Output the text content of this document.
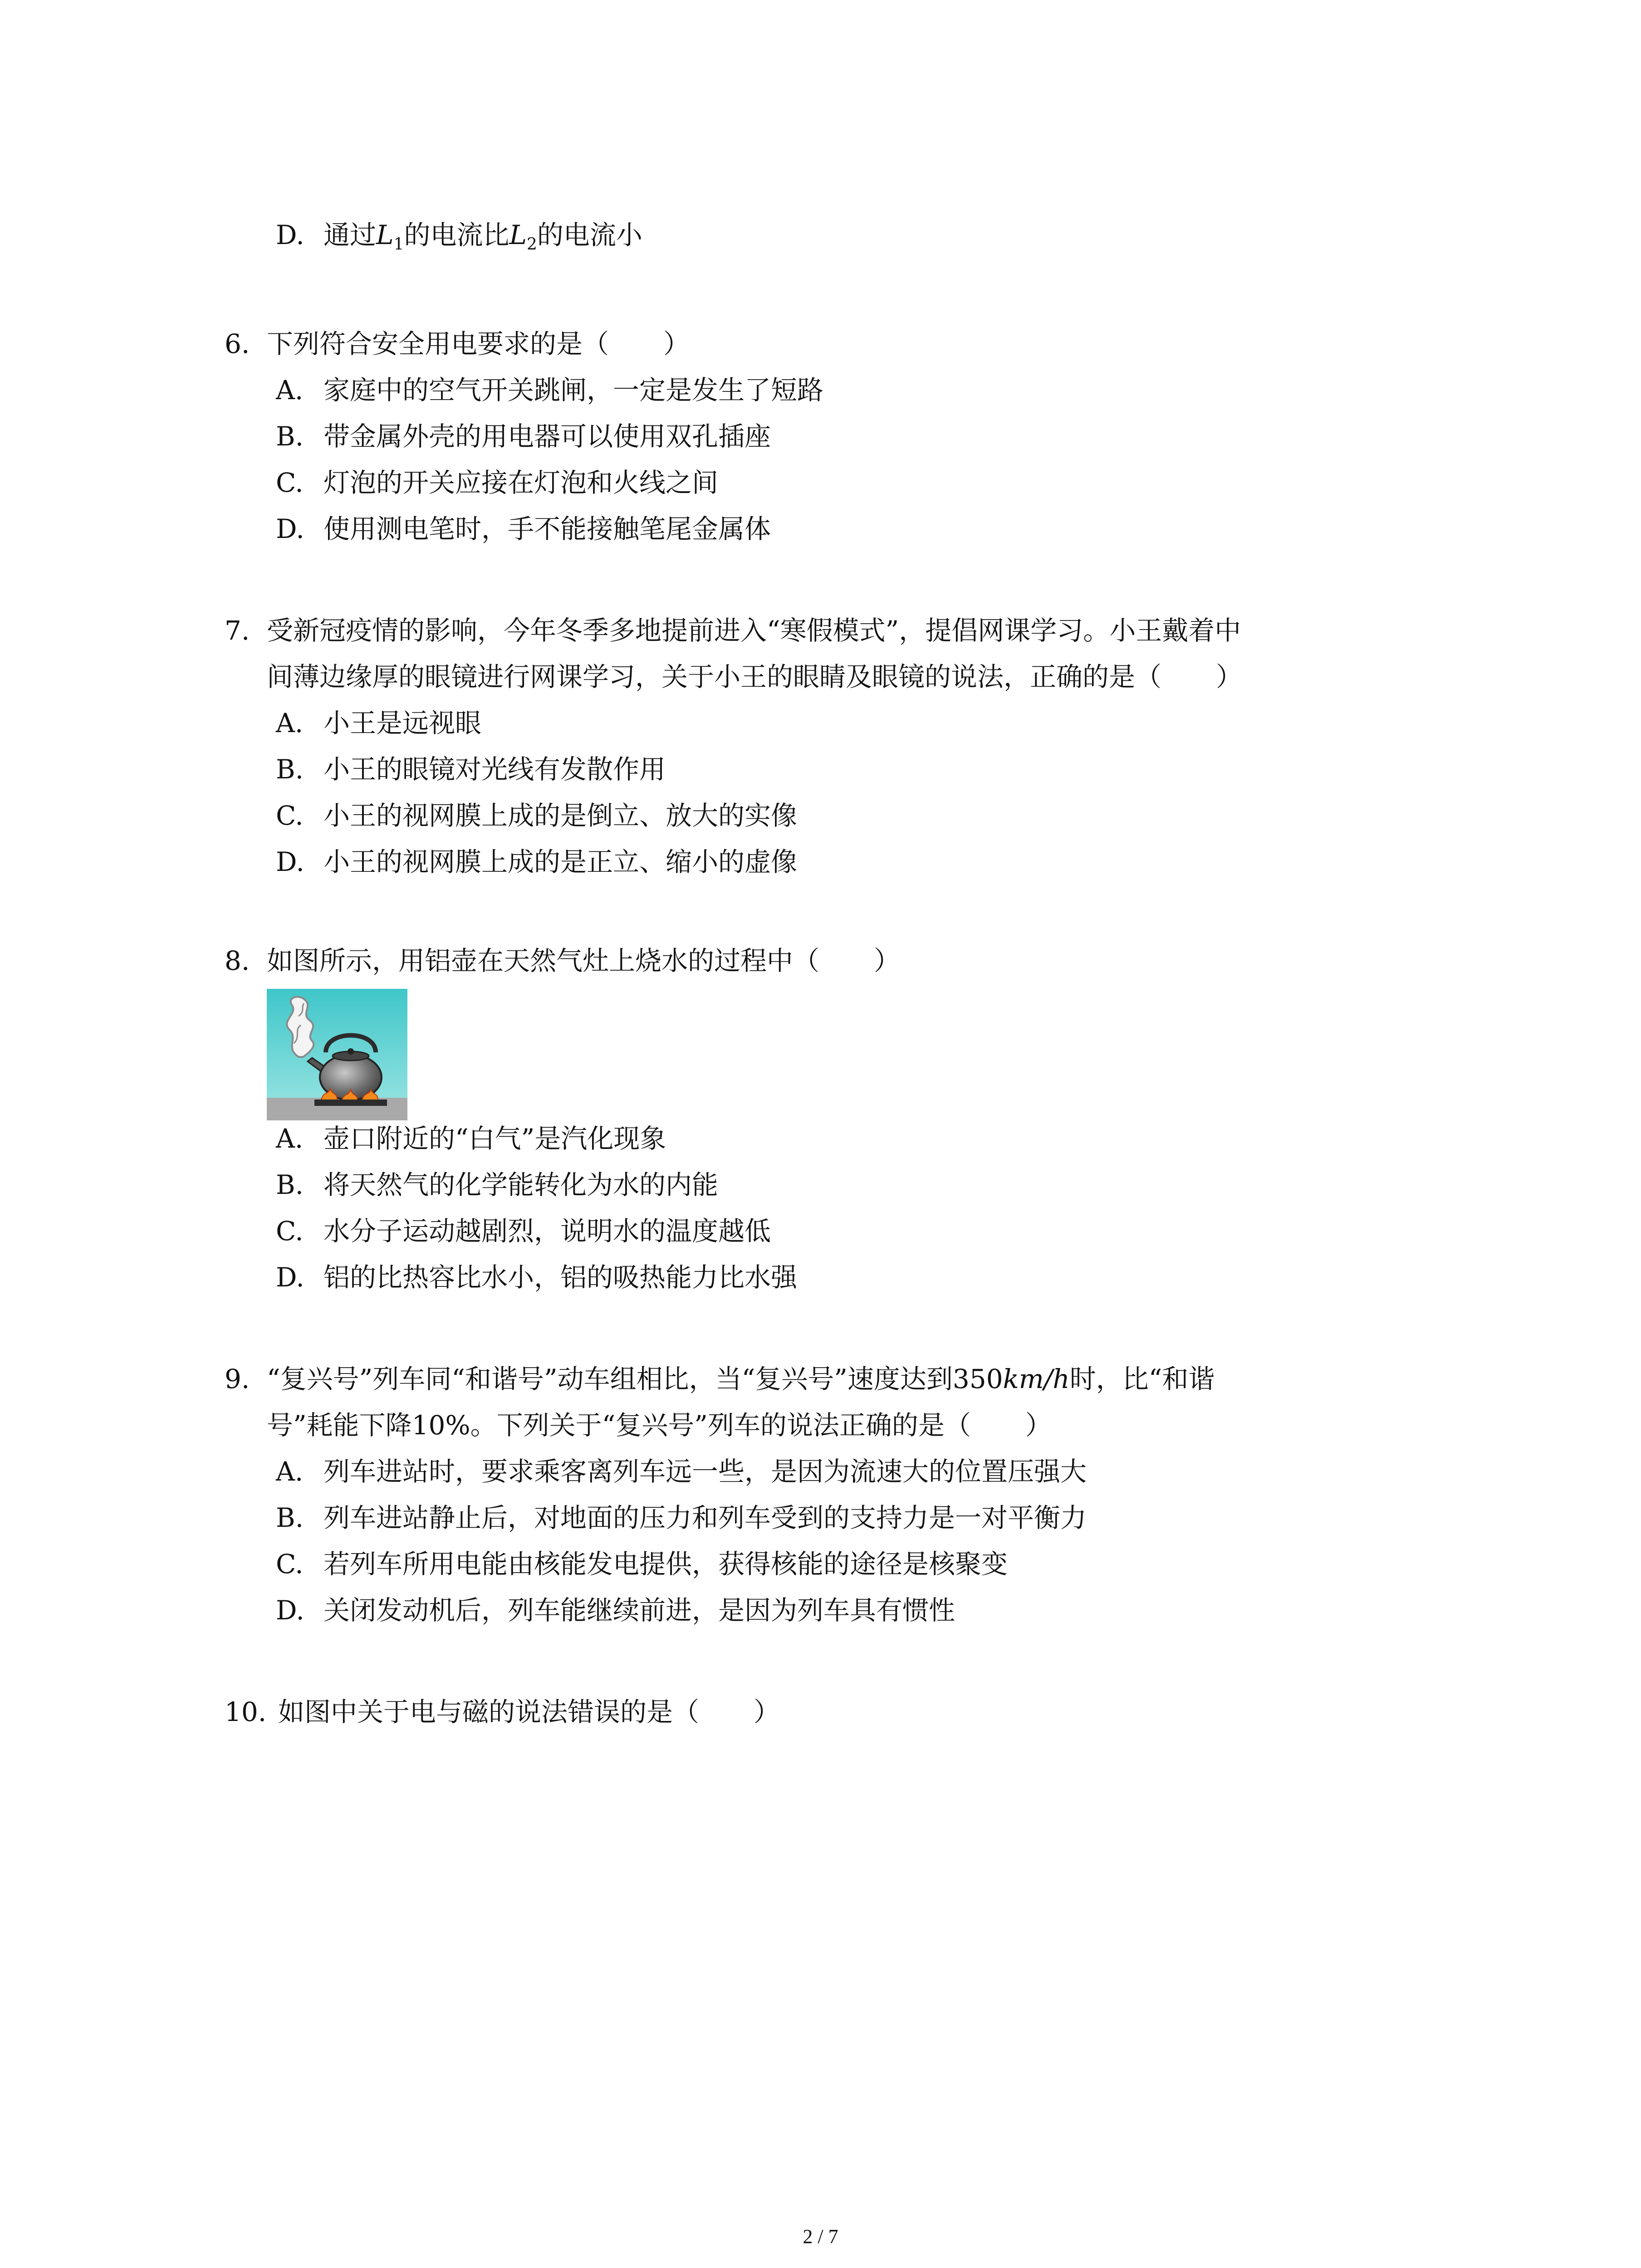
D. 通过$L_1$的电流比$L_2$的电流小
6. 下列符合安全用电要求的是（ ）
A. 家庭中的空气开关跳闸，一定是发生了短路
B. 带金属外壳的用电器可以使用双孔插座
C. 灯泡的开关应接在灯泡和火线之间
D. 使用测电笔时，手不能接触笔尾金属体
7. 受新冠疫情的影响，今年冬季多地提前进入“寒假模式”，提倡网课学习。小王戴着中
间薄边缘厚的眼镜进行网课学习，关于小王的眼睛及眼镜的说法，正确的是（ ）
A. 小王是远视眼
B. 小王的眼镜对光线有发散作用
C. 小王的视网膜上成的是倒立、放大的实像
D. 小王的视网膜上成的是正立、缩小的虚像
8. 如图所示，用铝壶在天然气灶上烧水的过程中（ ）
A. 壶口附近的“白气”是汽化现象
B. 将天然气的化学能转化为水的内能
C. 水分子运动越剧烈，说明水的温度越低
D. 铝的比热容比水小，铝的吸热能力比水强
9. “复兴号”列车同“和谐号”动车组相比，当“复兴号”速度达到350km/h时，比“和谐
号”耗能下降10%。下列关于“复兴号”列车的说法正确的是（ ）
A. 列车进站时，要求乘客离列车远一些，是因为流速大的位置压强大
B. 列车进站静止后，对地面的压力和列车受到的支持力是一对平衡力
C. 若列车所用电能由核能发电提供，获得核能的途径是核聚变
D. 关闭发动机后，列车能继续前进，是因为列车具有惯性
10. 如图中关于电与磁的说法错误的是（ ）
2 / 7
